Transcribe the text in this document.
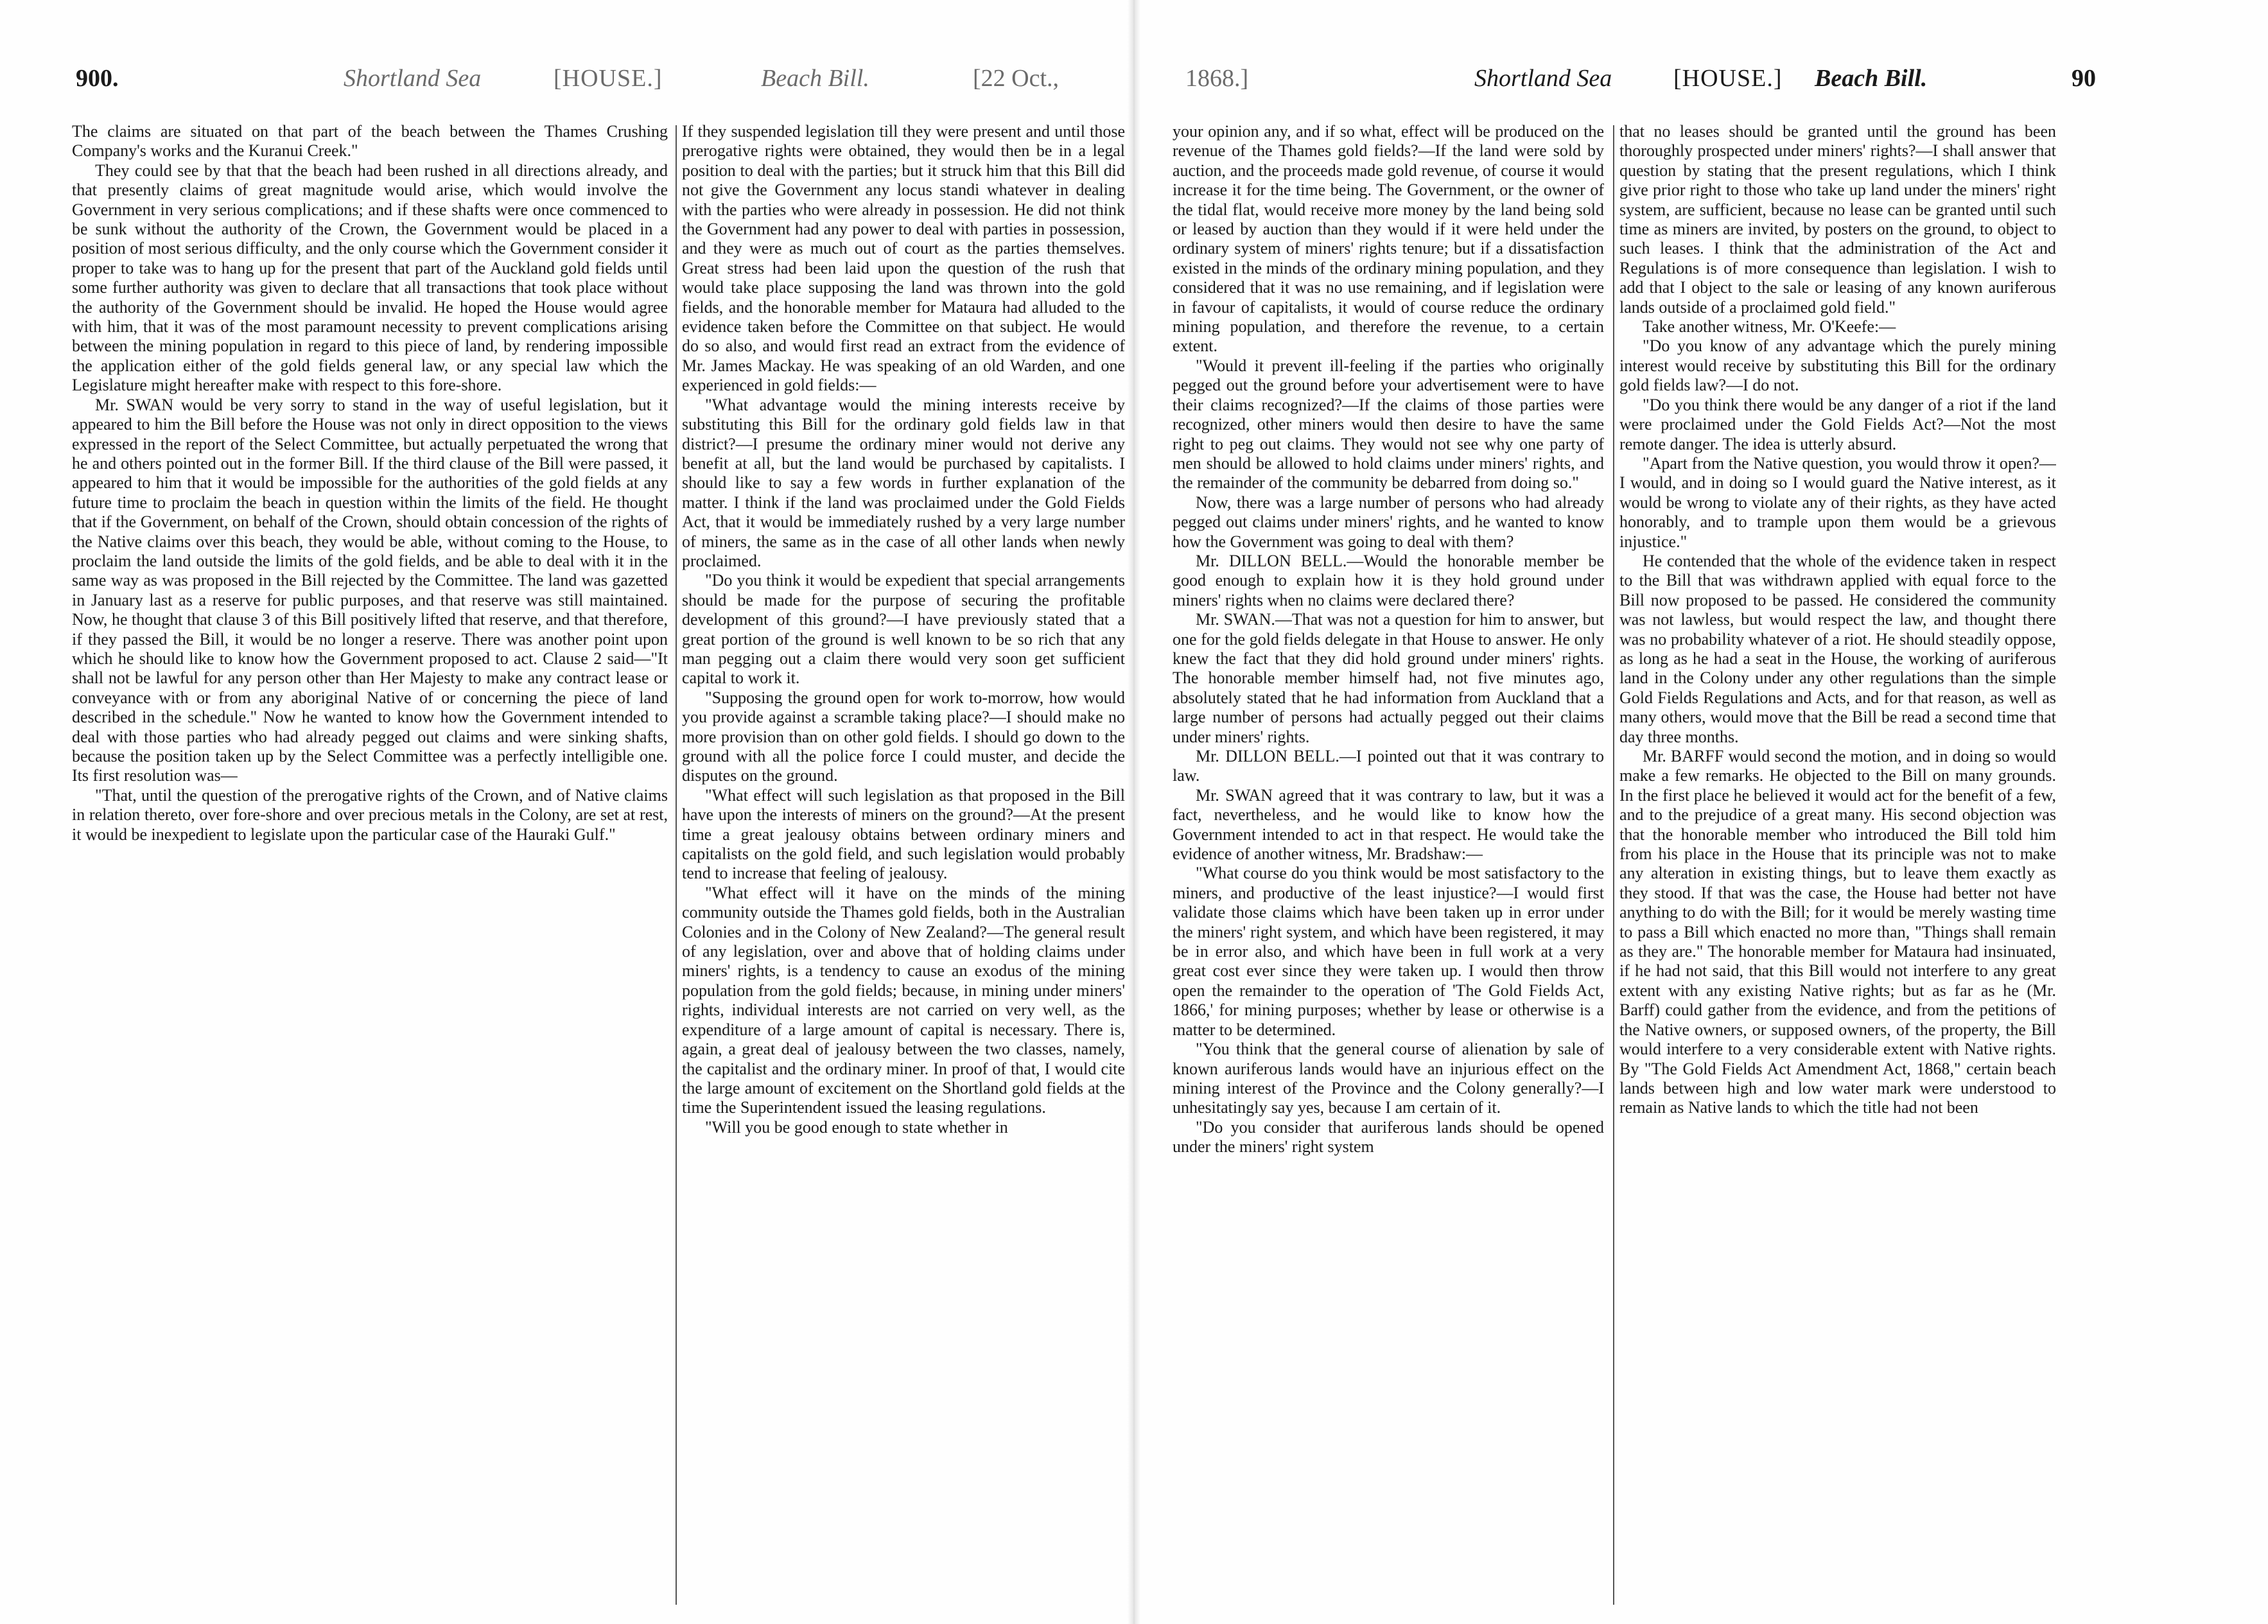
900.	Shortland Sea	[HOUSE.]	Beach Bill.	[22 Oct.,

The claims are situated on that part of the beach between the Thames Crushing Company's works and the Kuranui Creek."

They could see by that that the beach had been rushed in all directions already, and that presently claims of great magnitude would arise, which would involve the Government in very serious complications; and if these shafts were once commenced to be sunk without the authority of the Crown, the Government would be placed in a position of most serious difficulty, and the only course which the Government consider it proper to take was to hang up for the present that part of the Auckland gold fields until some further authority was given to declare that all transactions that took place without the authority of the Government should be invalid. He hoped the House would agree with him, that it was of the most paramount necessity to prevent complications arising between the mining population in regard to this piece of land, by rendering impossible the application either of the gold fields general law, or any special law which the Legislature might hereafter make with respect to this fore-shore.

Mr. SWAN would be very sorry to stand in the way of useful legislation, but it appeared to him the Bill before the House was not only in direct opposition to the views expressed in the report of the Select Committee, but actually perpetuated the wrong that he and others pointed out in the former Bill. If the third clause of the Bill were passed, it appeared to him that it would be impossible for the authorities of the gold fields at any future time to proclaim the beach in question within the limits of the field. He thought that if the Government, on behalf of the Crown, should obtain concession of the rights of the Native claims over this beach, they would be able, without coming to the House, to proclaim the land outside the limits of the gold fields, and be able to deal with it in the same way as was proposed in the Bill rejected by the Committee. The land was gazetted in January last as a reserve for public purposes, and that reserve was still maintained. Now, he thought that clause 3 of this Bill positively lifted that reserve, and that therefore, if they passed the Bill, it would be no longer a reserve. There was another point upon which he should like to know how the Government proposed to act. Clause 2 said—"It shall not be lawful for any person other than Her Majesty to make any contract lease or conveyance with or from any aboriginal Native of or concerning the piece of land described in the schedule." Now he wanted to know how the Government intended to deal with those parties who had already pegged out claims and were sinking shafts, because the position taken up by the Select Committee was a perfectly intelligible one. Its first resolution was—

"That, until the question of the prerogative rights of the Crown, and of Native claims in relation thereto, over fore-shore and over precious metals in the Colony, are set at rest, it would be inexpedient to legislate upon the particular case of the Hauraki Gulf."

If they suspended legislation till they were present and until those prerogative rights were obtained, they would then be in a legal position to deal with the parties; but it struck him that this Bill did not give the Government any locus standi whatever in dealing with the parties who were already in possession. He did not think the Government had any power to deal with parties in possession, and they were as much out of court as the parties themselves. Great stress had been laid upon the question of the rush that would take place supposing the land was thrown into the gold fields, and the honorable member for Mataura had alluded to the evidence taken before the Committee on that subject. He would do so also, and would first read an extract from the evidence of Mr. James Mackay. He was speaking of an old Warden, and one experienced in gold fields:—

"What advantage would the mining interests receive by substituting this Bill for the ordinary gold fields law in that district?—I presume the ordinary miner would not derive any benefit at all, but the land would be purchased by capitalists. I should like to say a few words in further explanation of the matter. I think if the land was proclaimed under the Gold Fields Act, that it would be immediately rushed by a very large number of miners, the same as in the case of all other lands when newly proclaimed.

"Do you think it would be expedient that special arrangements should be made for the purpose of securing the profitable development of this ground?—I have previously stated that a great portion of the ground is well known to be so rich that any man pegging out a claim there would very soon get sufficient capital to work it.

"Supposing the ground open for work to-morrow, how would you provide against a scramble taking place?—I should make no more provision than on other gold fields. I should go down to the ground with all the police force I could muster, and decide the disputes on the ground.

"What effect will such legislation as that proposed in the Bill have upon the interests of miners on the ground?—At the present time a great jealousy obtains between ordinary miners and capitalists on the gold field, and such legislation would probably tend to increase that feeling of jealousy.

"What effect will it have on the minds of the mining community outside the Thames gold fields, both in the Australian Colonies and in the Colony of New Zealand?—The general result of any legislation, over and above that of holding claims under miners' rights, is a tendency to cause an exodus of the mining population from the gold fields; because, in mining under miners' rights, individual interests are not carried on very well, as the expenditure of a large amount of capital is necessary. There is, again, a great deal of jealousy between the two classes, namely, the capitalist and the ordinary miner. In proof of that, I would cite the large amount of excitement on the Shortland gold fields at the time the Superintendent issued the leasing regulations.

"Will you be good enough to state whether in

1868.]	Shortland Sea	[HOUSE.] Beach Bill.	90

your opinion any, and if so what, effect will be produced on the revenue of the Thames gold fields?—If the land were sold by auction, and the proceeds made gold revenue, of course it would increase it for the time being. The Government, or the owner of the tidal flat, would receive more money by the land being sold or leased by auction than they would if it were held under the ordinary system of miners' rights tenure; but if a dissatisfaction existed in the minds of the ordinary mining population, and they considered that it was no use remaining, and if legislation were in favour of capitalists, it would of course reduce the ordinary mining population, and therefore the revenue, to a certain extent.

"Would it prevent ill-feeling if the parties who originally pegged out the ground before your advertisement were to have their claims recognized?—If the claims of those parties were recognized, other miners would then desire to have the same right to peg out claims. They would not see why one party of men should be allowed to hold claims under miners' rights, and the remainder of the community be debarred from doing so."

Now, there was a large number of persons who had already pegged out claims under miners' rights, and he wanted to know how the Government was going to deal with them?

Mr. DILLON BELL.—Would the honorable member be good enough to explain how it is they hold ground under miners' rights when no claims were declared there?

Mr. SWAN.—That was not a question for him to answer, but one for the gold fields delegate in that House to answer. He only knew the fact that they did hold ground under miners' rights. The honorable member himself had, not five minutes ago, absolutely stated that he had information from Auckland that a large number of persons had actually pegged out their claims under miners' rights.

Mr. DILLON BELL.—I pointed out that it was contrary to law.

Mr. SWAN agreed that it was contrary to law, but it was a fact, nevertheless, and he would like to know how the Government intended to act in that respect. He would take the evidence of another witness, Mr. Bradshaw:—

"What course do you think would be most satisfactory to the miners, and productive of the least injustice?—I would first validate those claims which have been taken up in error under the miners' right system, and which have been registered, it may be in error also, and which have been in full work at a very great cost ever since they were taken up. I would then throw open the remainder to the operation of 'The Gold Fields Act, 1866,' for mining purposes; whether by lease or otherwise is a matter to be determined.

"You think that the general course of alienation by sale of known auriferous lands would have an injurious effect on the mining interest of the Province and the Colony generally?—I unhesitatingly say yes, because I am certain of it.

"Do you consider that auriferous lands should be opened under the miners' right system

that no leases should be granted until the ground has been thoroughly prospected under miners' rights?—I shall answer that question by stating that the present regulations, which I think give prior right to those who take up land under the miners' right system, are sufficient, because no lease can be granted until such time as miners are invited, by posters on the ground, to object to such leases. I think that the administration of the Act and Regulations is of more consequence than legislation. I wish to add that I object to the sale or leasing of any known auriferous lands outside of a proclaimed gold field."

Take another witness, Mr. O'Keefe:—

"Do you know of any advantage which the purely mining interest would receive by substituting this Bill for the ordinary gold fields law?—I do not.

"Do you think there would be any danger of a riot if the land were proclaimed under the Gold Fields Act?—Not the most remote danger. The idea is utterly absurd.

"Apart from the Native question, you would throw it open?—I would, and in doing so I would guard the Native interest, as it would be wrong to violate any of their rights, as they have acted honorably, and to trample upon them would be a grievous injustice."

He contended that the whole of the evidence taken in respect to the Bill that was withdrawn applied with equal force to the Bill now proposed to be passed. He considered the community was not lawless, but would respect the law, and thought there was no probability whatever of a riot. He should steadily oppose, as long as he had a seat in the House, the working of auriferous land in the Colony under any other regulations than the simple Gold Fields Regulations and Acts, and for that reason, as well as many others, would move that the Bill be read a second time that day three months.

Mr. BARFF would second the motion, and in doing so would make a few remarks. He objected to the Bill on many grounds. In the first place he believed it would act for the benefit of a few, and to the prejudice of a great many. His second objection was that the honorable member who introduced the Bill told him from his place in the House that its principle was not to make any alteration in existing things, but to leave them exactly as they stood. If that was the case, the House had better not have anything to do with the Bill; for it would be merely wasting time to pass a Bill which enacted no more than, "Things shall remain as they are." The honorable member for Mataura had insinuated, if he had not said, that this Bill would not interfere to any great extent with any existing Native rights; but as far as he (Mr. Barff) could gather from the evidence, and from the petitions of the Native owners, or supposed owners, of the property, the Bill would interfere to a very considerable extent with Native rights. By "The Gold Fields Act Amendment Act, 1868," certain beach lands between high and low water mark were understood to remain as Native lands to which the title had not been
